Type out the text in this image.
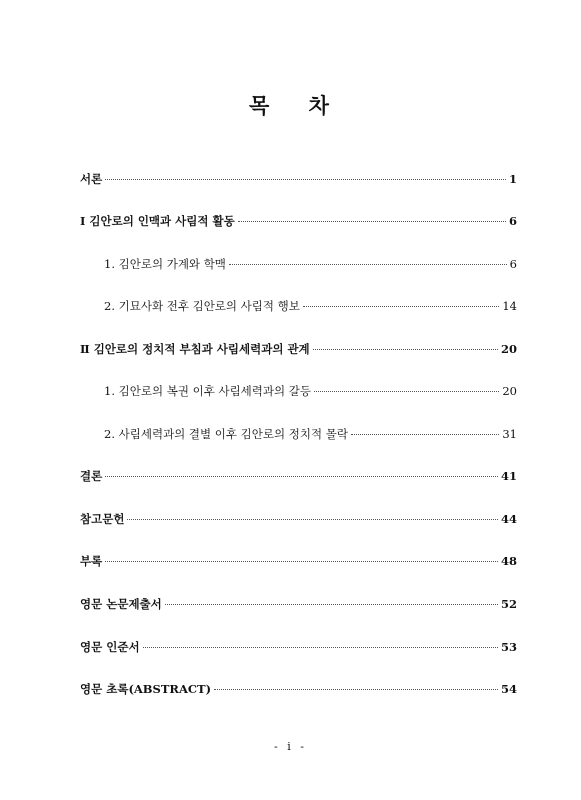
목 차
서론	1
Ⅰ 김안로의 인맥과 사림적 활동	6
1. 김안로의 가계와 학맥	6
2. 기묘사화 전후 김안로의 사림적 행보	14
Ⅱ 김안로의 정치적 부침과 사림세력과의 관계	20
1. 김안로의 복권 이후 사림세력과의 갈등	20
2. 사림세력과의 결별 이후 김안로의 정치적 몰락	31
결론	41
참고문헌	44
부록	48
영문 논문제출서	52
영문 인준서	53
영문 초록(ABSTRACT)	54
- i -
